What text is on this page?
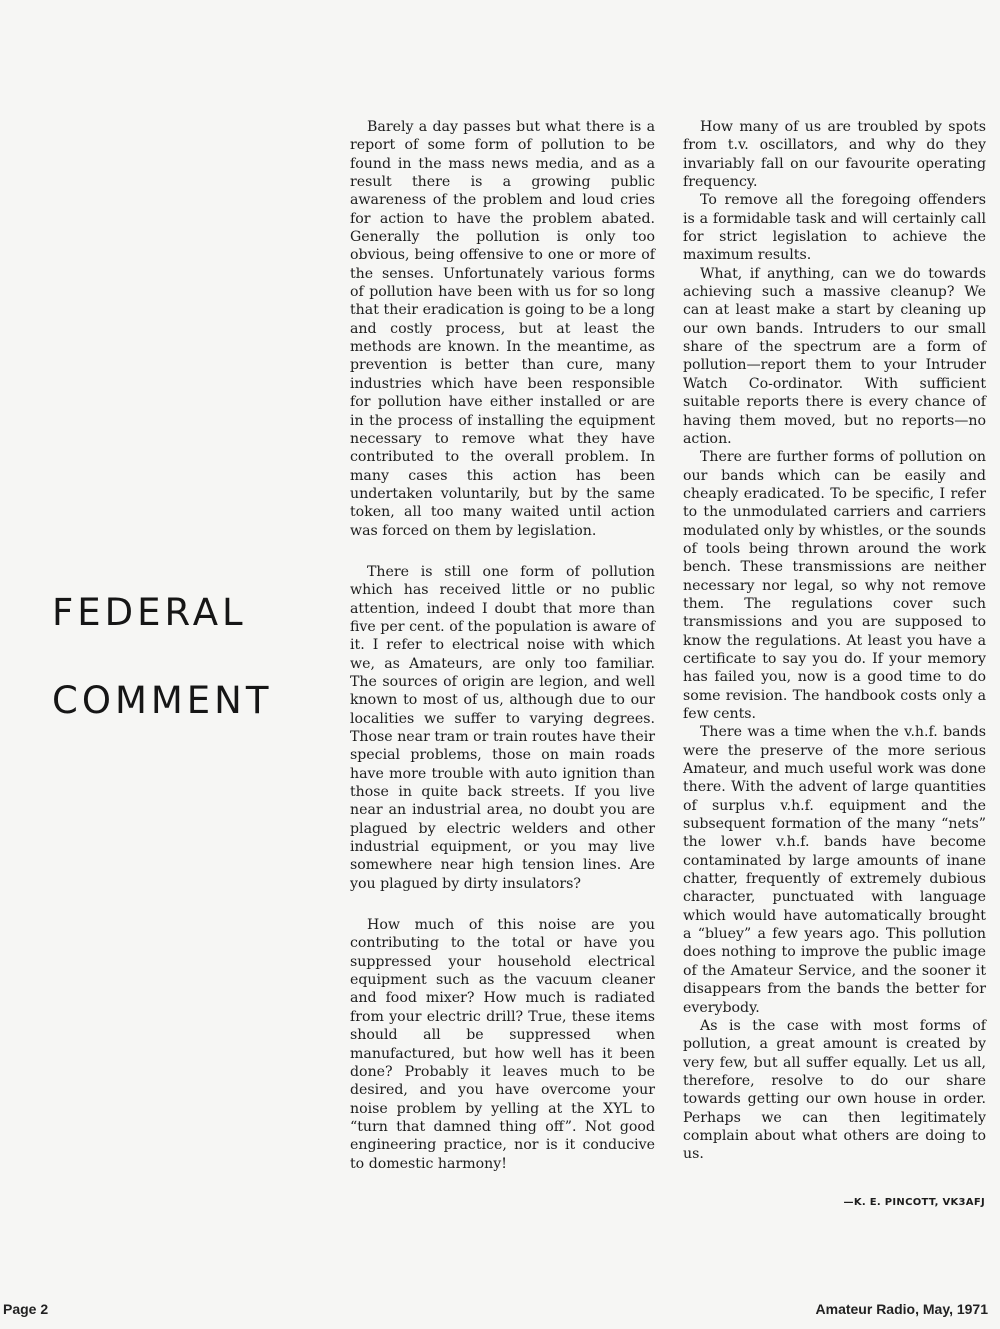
FEDERAL
COMMENT

Barely a day passes but what there is a report of some form of pollution to be found in the mass news media, and as a result there is a growing public awareness of the problem and loud cries for action to have the problem abated. Generally the pollution is only too obvious, being offensive to one or more of the senses. Unfortunately various forms of pollution have been with us for so long that their eradication is going to be a long and costly process, but at least the methods are known. In the meantime, as prevention is better than cure, many industries which have been responsible for pollution have either installed or are in the process of installing the equipment necessary to remove what they have contributed to the overall problem. In many cases this action has been undertaken voluntarily, but by the same token, all too many waited until action was forced on them by legislation.

There is still one form of pollution which has received little or no public attention, indeed I doubt that more than five per cent. of the population is aware of it. I refer to electrical noise with which we, as Amateurs, are only too familiar. The sources of origin are legion, and well known to most of us, although due to our localities we suffer to varying degrees. Those near tram or train routes have their special problems, those on main roads have more trouble with auto ignition than those in quite back streets. If you live near an industrial area, no doubt you are plagued by electric welders and other industrial equipment, or you may live somewhere near high tension lines. Are you plagued by dirty insulators?

How much of this noise are you contributing to the total or have you suppressed your household electrical equipment such as the vacuum cleaner and food mixer? How much is radiated from your electric drill? True, these items should all be suppressed when manufactured, but how well has it been done? Probably it leaves much to be desired, and you have overcome your noise problem by yelling at the XYL to “turn that damned thing off”. Not good engineering practice, nor is it conducive to domestic harmony!

How many of us are troubled by spots from t.v. oscillators, and why do they invariably fall on our favourite operating frequency.

To remove all the foregoing offenders is a formidable task and will certainly call for strict legislation to achieve the maximum results.

What, if anything, can we do towards achieving such a massive cleanup? We can at least make a start by cleaning up our own bands. Intruders to our small share of the spectrum are a form of pollution—report them to your Intruder Watch Co-ordinator. With sufficient suitable reports there is every chance of having them moved, but no reports—no action.

There are further forms of pollution on our bands which can be easily and cheaply eradicated. To be specific, I refer to the unmodulated carriers and carriers modulated only by whistles, or the sounds of tools being thrown around the work bench. These transmissions are neither necessary nor legal, so why not remove them. The regulations cover such transmissions and you are supposed to know the regulations. At least you have a certificate to say you do. If your memory has failed you, now is a good time to do some revision. The handbook costs only a few cents.

There was a time when the v.h.f. bands were the preserve of the more serious Amateur, and much useful work was done there. With the advent of large quantities of surplus v.h.f. equipment and the subsequent formation of the many “nets” the lower v.h.f. bands have become contaminated by large amounts of inane chatter, frequently of extremely dubious character, punctuated with language which would have automatically brought a “bluey” a few years ago. This pollution does nothing to improve the public image of the Amateur Service, and the sooner it disappears from the bands the better for everybody.

As is the case with most forms of pollution, a great amount is created by very few, but all suffer equally. Let us all, therefore, resolve to do our share towards getting our own house in order. Perhaps we can then legitimately complain about what others are doing to us.

—K. E. PINCOTT, VK3AFJ
Page 2	Amateur Radio, May, 1971
